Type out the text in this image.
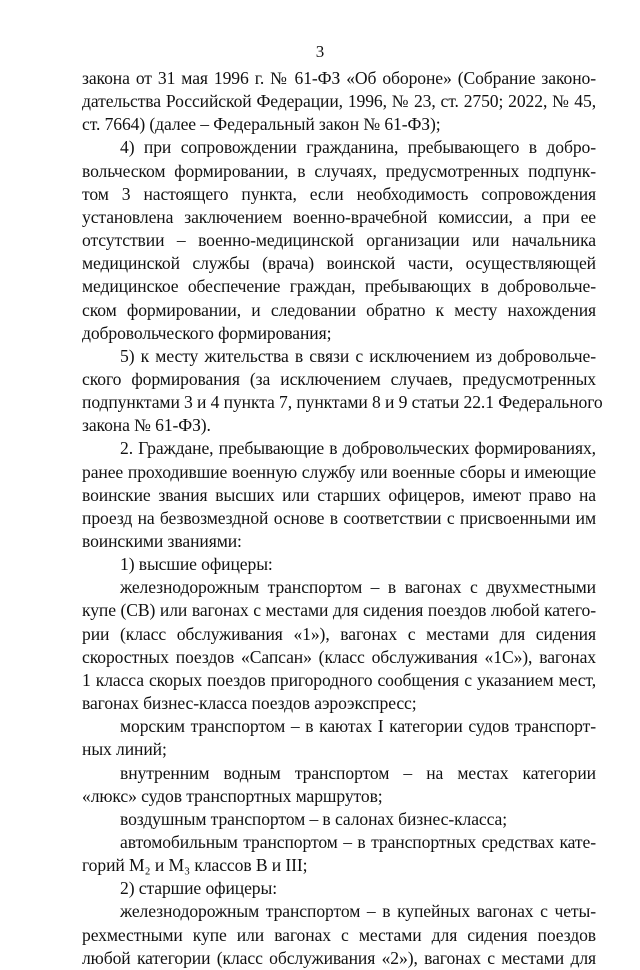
3
закона от 31 мая 1996 г. № 61-ФЗ «Об обороне» (Собрание законо-
дательства Российской Федерации, 1996, № 23, ст. 2750; 2022, № 45,
ст. 7664) (далее – Федеральный закон № 61-ФЗ);
4) при сопровождении гражданина, пребывающего в добро-
вольческом формировании, в случаях, предусмотренных подпунк-
том 3 настоящего пункта, если необходимость сопровождения
установлена заключением военно-врачебной комиссии, а при ее
отсутствии – военно-медицинской организации или начальника
медицинской службы (врача) воинской части, осуществляющей
медицинское обеспечение граждан, пребывающих в добровольче-
ском формировании, и следовании обратно к месту нахождения
добровольческого формирования;
5) к месту жительства в связи с исключением из добровольче-
ского формирования (за исключением случаев, предусмотренных
подпунктами 3 и 4 пункта 7, пунктами 8 и 9 статьи 22.1 Федерального
закона № 61-ФЗ).
2. Граждане, пребывающие в добровольческих формированиях,
ранее проходившие военную службу или военные сборы и имеющие
воинские звания высших или старших офицеров, имеют право на
проезд на безвозмездной основе в соответствии с присвоенными им
воинскими званиями:
1) высшие офицеры:
железнодорожным транспортом – в вагонах с двухместными
купе (СВ) или вагонах с местами для сидения поездов любой катего-
рии (класс обслуживания «1»), вагонах с местами для сидения
скоростных поездов «Сапсан» (класс обслуживания «1С»), вагонах
1 класса скорых поездов пригородного сообщения с указанием мест,
вагонах бизнес-класса поездов аэроэкспресс;
морским транспортом – в каютах I категории судов транспорт-
ных линий;
внутренним водным транспортом – на местах категории
«люкс» судов транспортных маршрутов;
воздушным транспортом – в салонах бизнес-класса;
автомобильным транспортом – в транспортных средствах кате-
горий M₂ и M₃ классов B и III;
2) старшие офицеры:
железнодорожным транспортом – в купейных вагонах с четы-
рехместными купе или вагонах с местами для сидения поездов
любой категории (класс обслуживания «2»), вагонах с местами для
